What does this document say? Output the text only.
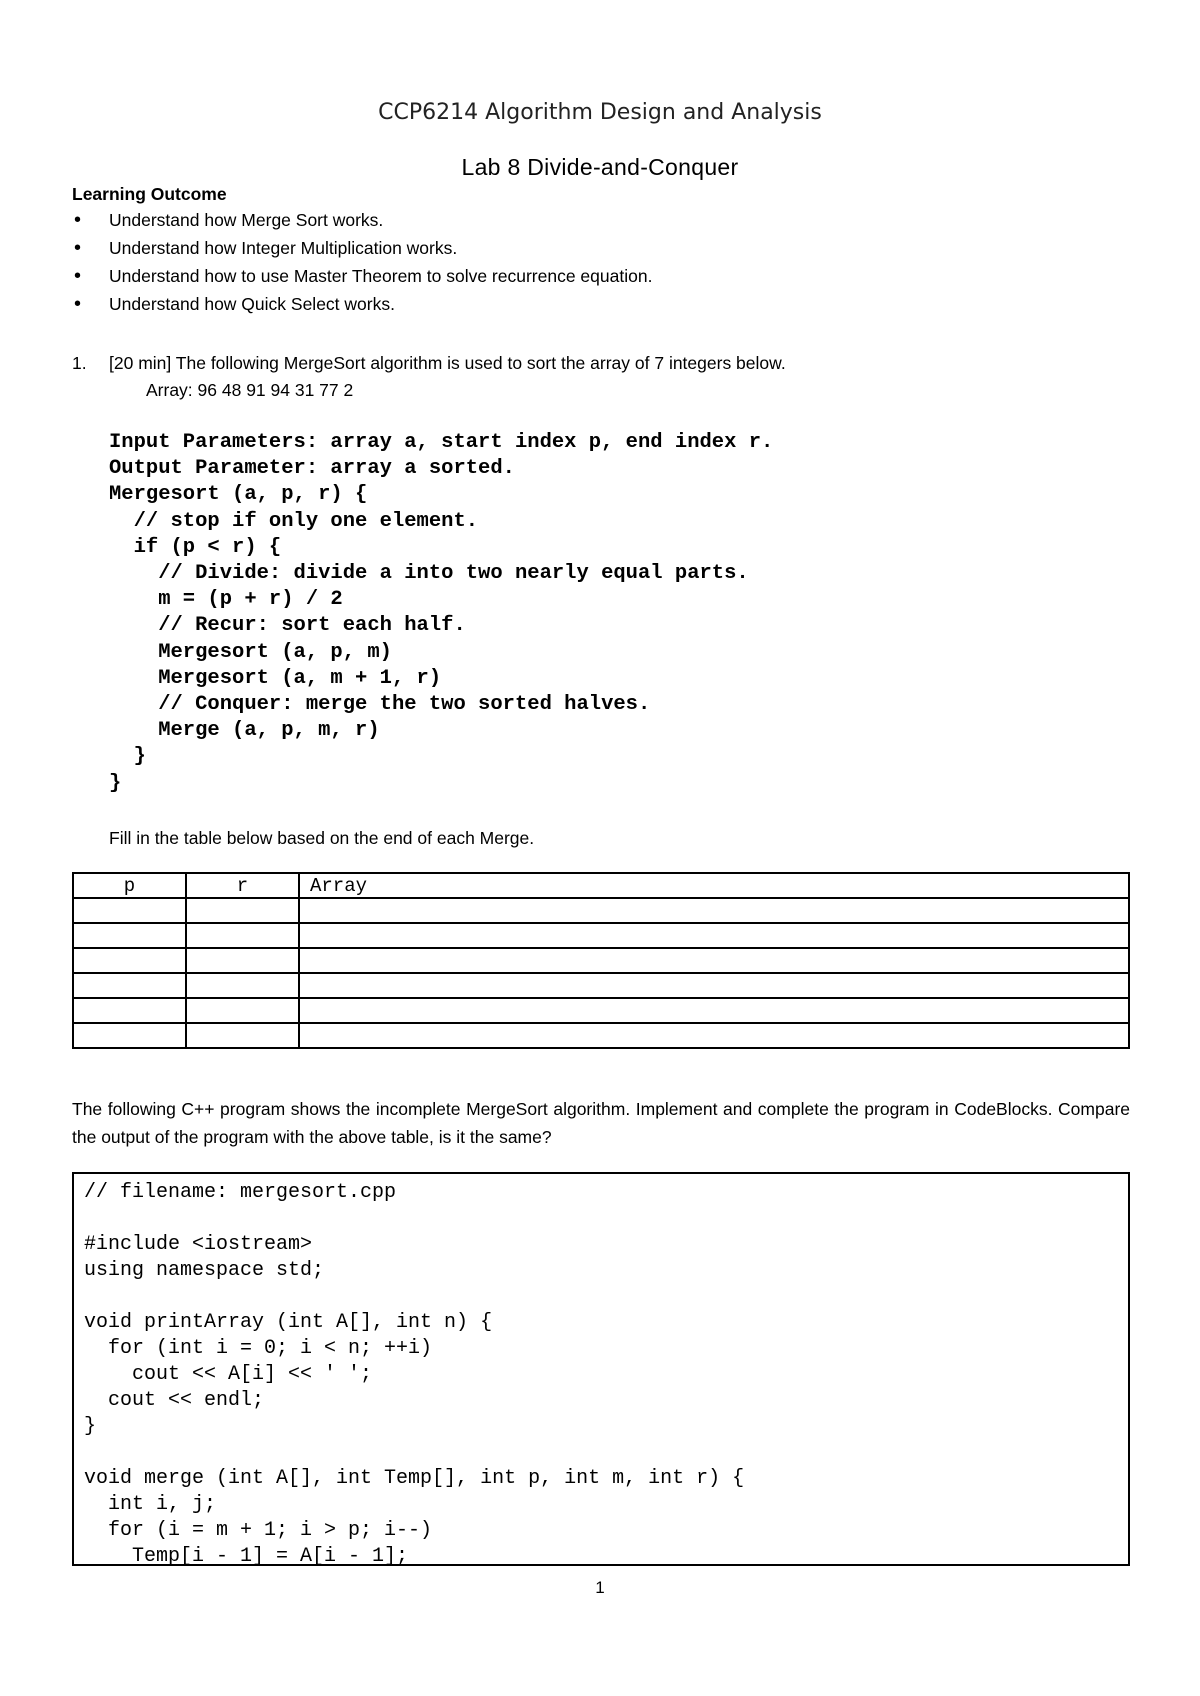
CCP6214 Algorithm Design and Analysis
Lab 8 Divide-and-Conquer
Learning Outcome
• Understand how Merge Sort works.
• Understand how Integer Multiplication works.
• Understand how to use Master Theorem to solve recurrence equation.
• Understand how Quick Select works.
1. [20 min] The following MergeSort algorithm is used to sort the array of 7 integers below.
Array: 96 48 91 94 31 77 2
Input Parameters: array a, start index p, end index r.
Output Parameter: array a sorted.
Mergesort (a, p, r) {
// stop if only one element.
if (p < r) {
// Divide: divide a into two nearly equal parts.
m = (p + r) / 2
// Recur: sort each half.
Mergesort (a, p, m)
Mergesort (a, m + 1, r)
// Conquer: merge the two sorted halves.
Merge (a, p, m, r)
}
}
Fill in the table below based on the end of each Merge.
p	r	Array

The following C++ program shows the incomplete MergeSort algorithm. Implement and complete the program in CodeBlocks. Compare the output of the program with the above table, is it the same?
// filename: mergesort.cpp
#include <iostream>
using namespace std;
void printArray (int A[], int n) {
for (int i = 0; i < n; ++i)
cout << A[i] << ' ';
cout << endl;
}
void merge (int A[], int Temp[], int p, int m, int r) {
int i, j;
for (i = m + 1; i > p; i--)
Temp[i - 1] = A[i - 1];
1
